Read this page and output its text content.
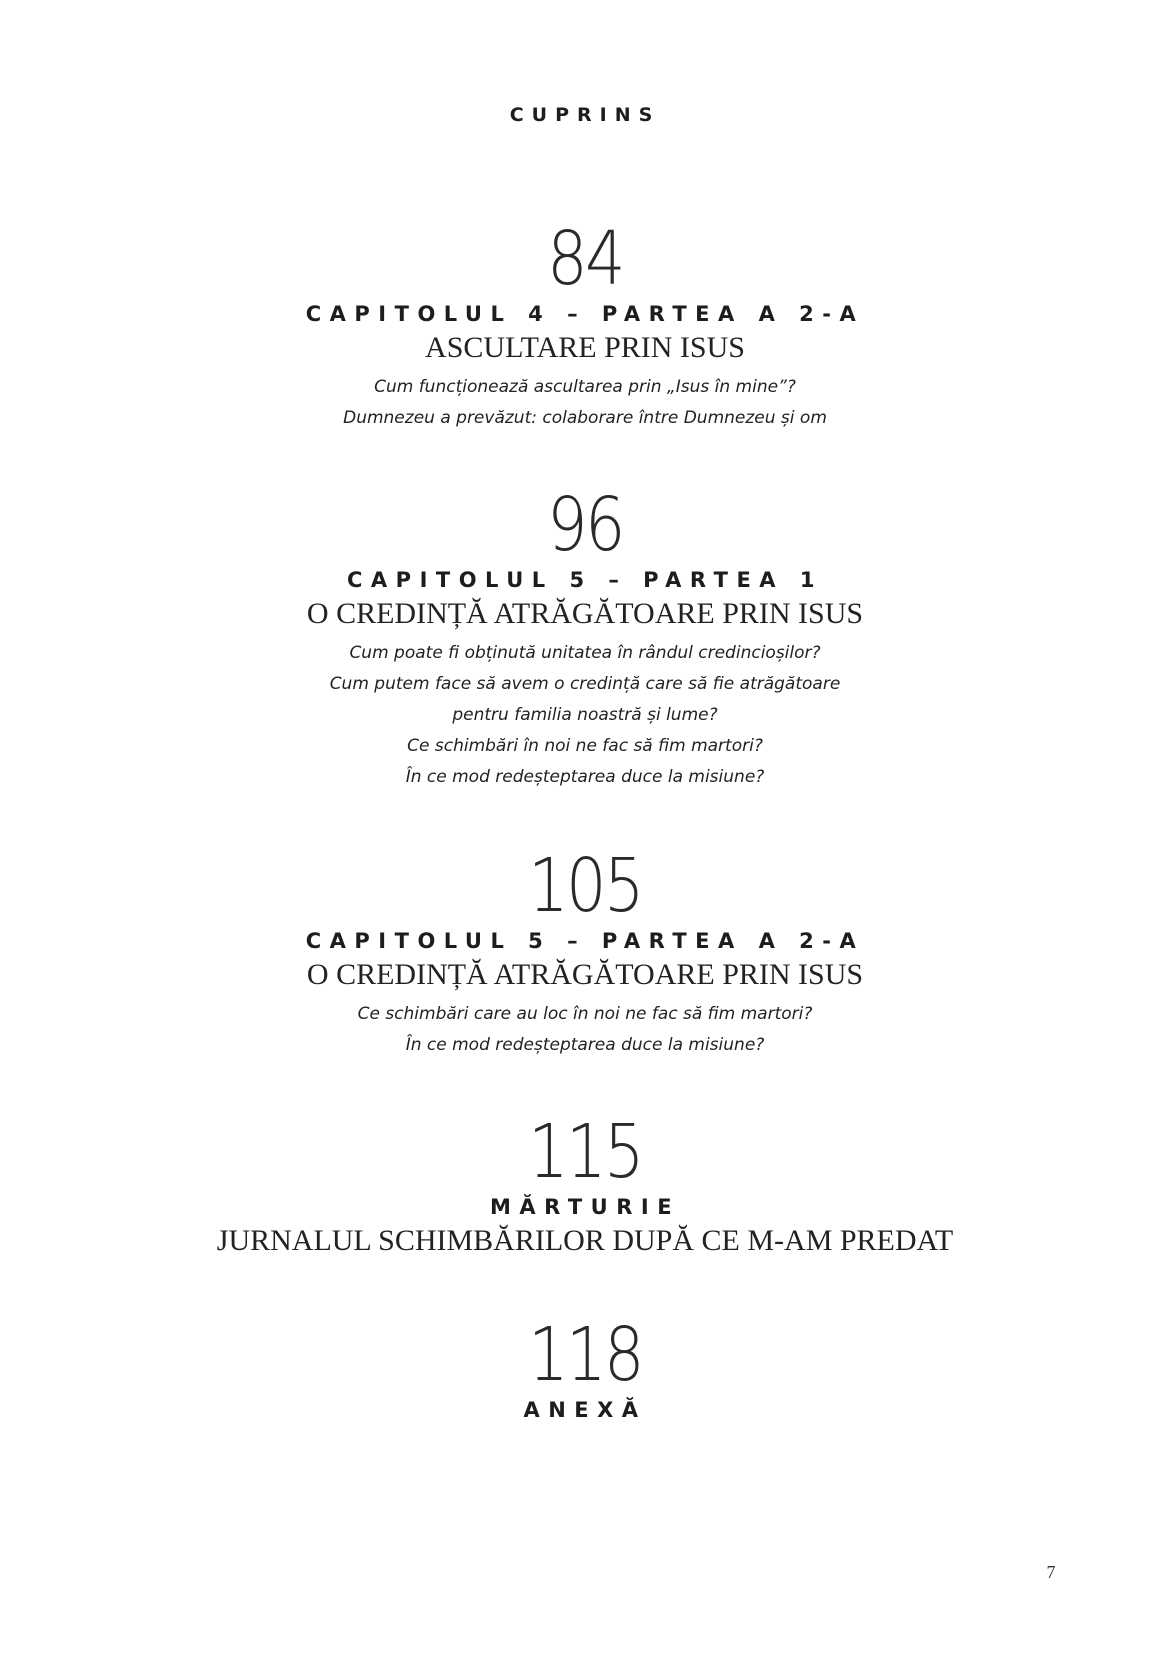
CUPRINS
84
CAPITOLUL 4 – PARTEA A 2-A
ASCULTARE PRIN ISUS
Cum funcționează ascultarea prin „Isus în mine”?
Dumnezeu a prevăzut: colaborare între Dumnezeu și om
96
CAPITOLUL 5 – PARTEA 1
O CREDINȚĂ ATRĂGĂTOARE PRIN ISUS
Cum poate fi obținută unitatea în rândul credincioșilor?
Cum putem face să avem o credință care să fie atrăgătoare
pentru familia noastră și lume?
Ce schimbări în noi ne fac să fim martori?
În ce mod redeșteptarea duce la misiune?
105
CAPITOLUL 5 – PARTEA A 2-A
O CREDINȚĂ ATRĂGĂTOARE PRIN ISUS
Ce schimbări care au loc în noi ne fac să fim martori?
În ce mod redeșteptarea duce la misiune?
115
MĂRTURIE
JURNALUL SCHIMBĂRILOR DUPĂ CE M-AM PREDAT
118
ANEXĂ
7
